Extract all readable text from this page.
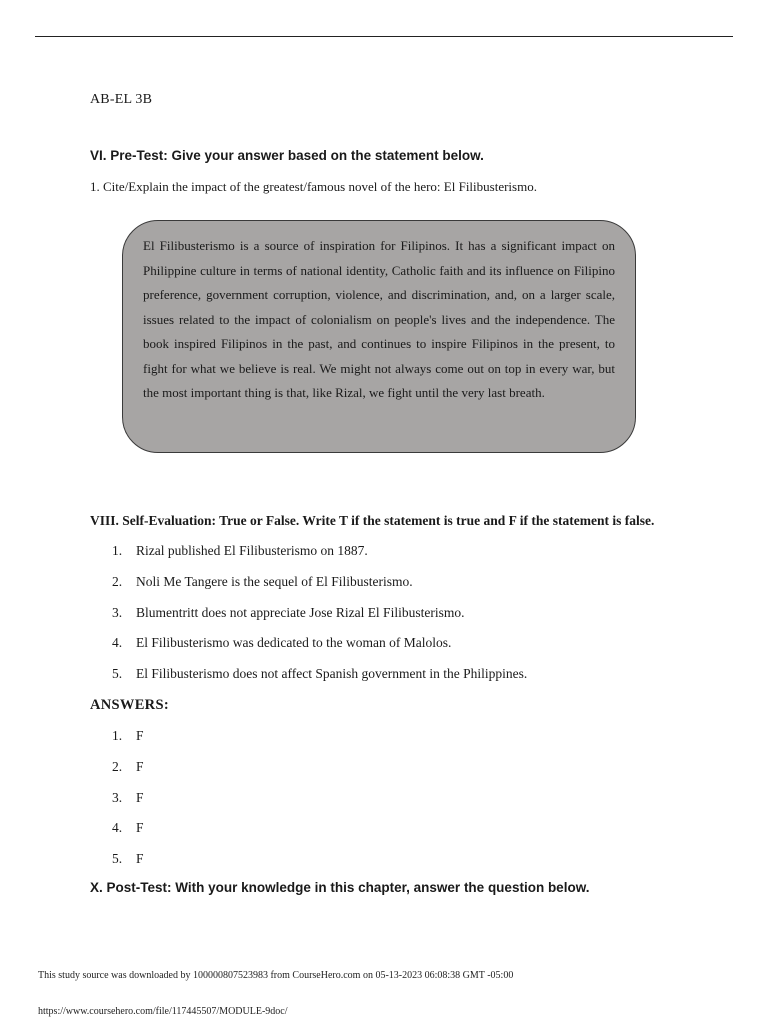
AB-EL 3B
VI. Pre-Test: Give your answer based on the statement below.
1. Cite/Explain the impact of the greatest/famous novel of the hero: El Filibusterismo.

El Filibusterismo is a source of inspiration for Filipinos. It has a significant impact on Philippine culture in terms of national identity, Catholic faith and its influence on Filipino preference, government corruption, violence, and discrimination, and, on a larger scale, issues related to the impact of colonialism on people's lives and the independence. The book inspired Filipinos in the past, and continues to inspire Filipinos in the present, to fight for what we believe is real. We might not always come out on top in every war, but the most important thing is that, like Rizal, we fight until the very last breath.

VIII. Self-Evaluation: True or False. Write T if the statement is true and F if the statement is false.
1.	Rizal published El Filibusterismo on 1887.
2.	Noli Me Tangere is the sequel of El Filibusterismo.
3.	Blumentritt does not appreciate Jose Rizal El Filibusterismo.
4.	El Filibusterismo was dedicated to the woman of Malolos.
5.	El Filibusterismo does not affect Spanish government in the Philippines.
ANSWERS:
1.	F
2.	F
3.	F
4.	F
5.	F
X. Post-Test: With your knowledge in this chapter, answer the question below.
This study source was downloaded by 100000807523983 from CourseHero.com on 05-13-2023 06:08:38 GMT -05:00
https://www.coursehero.com/file/117445507/MODULE-9doc/
